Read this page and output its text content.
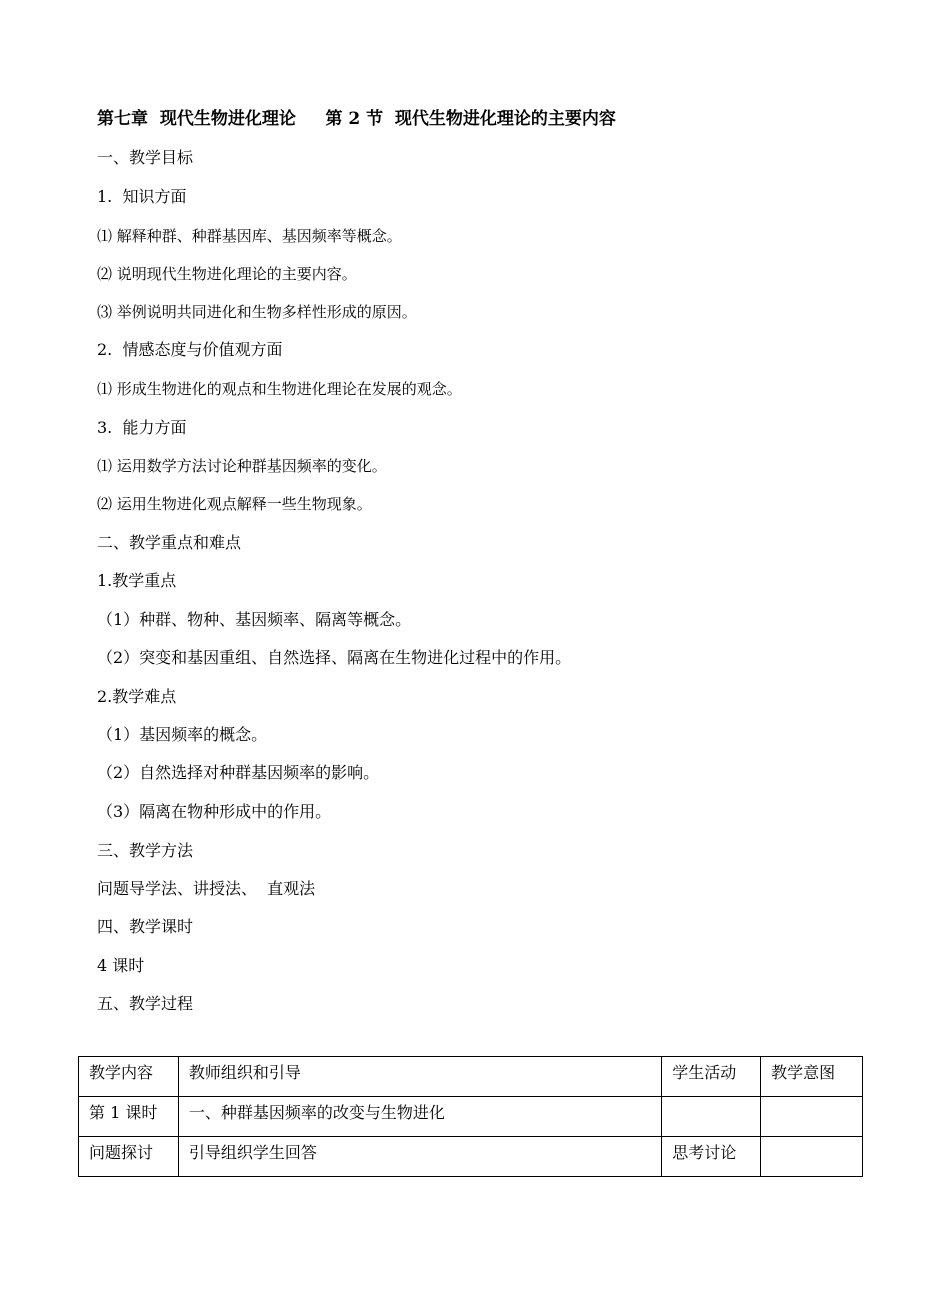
第七章  现代生物进化理论     第 2 节  现代生物进化理论的主要内容
一、教学目标
1.  知识方面
⑴ 解释种群、种群基因库、基因频率等概念。
⑵ 说明现代生物进化理论的主要内容。
⑶ 举例说明共同进化和生物多样性形成的原因。
2.  情感态度与价值观方面
⑴ 形成生物进化的观点和生物进化理论在发展的观念。
3.  能力方面
⑴ 运用数学方法讨论种群基因频率的变化。
⑵ 运用生物进化观点解释一些生物现象。
二、教学重点和难点
1.教学重点
（1）种群、物种、基因频率、隔离等概念。
（2）突变和基因重组、自然选择、隔离在生物进化过程中的作用。
2.教学难点
（1）基因频率的概念。
（2）自然选择对种群基因频率的影响。
（3）隔离在物种形成中的作用。
三、教学方法
问题导学法、讲授法、  直观法
四、教学课时
4 课时
五、教学过程
教学内容	教师组织和引导	学生活动	教学意图
第 1 课时	一、种群基因频率的改变与生物进化		
问题探讨	引导组织学生回答	思考讨论	
